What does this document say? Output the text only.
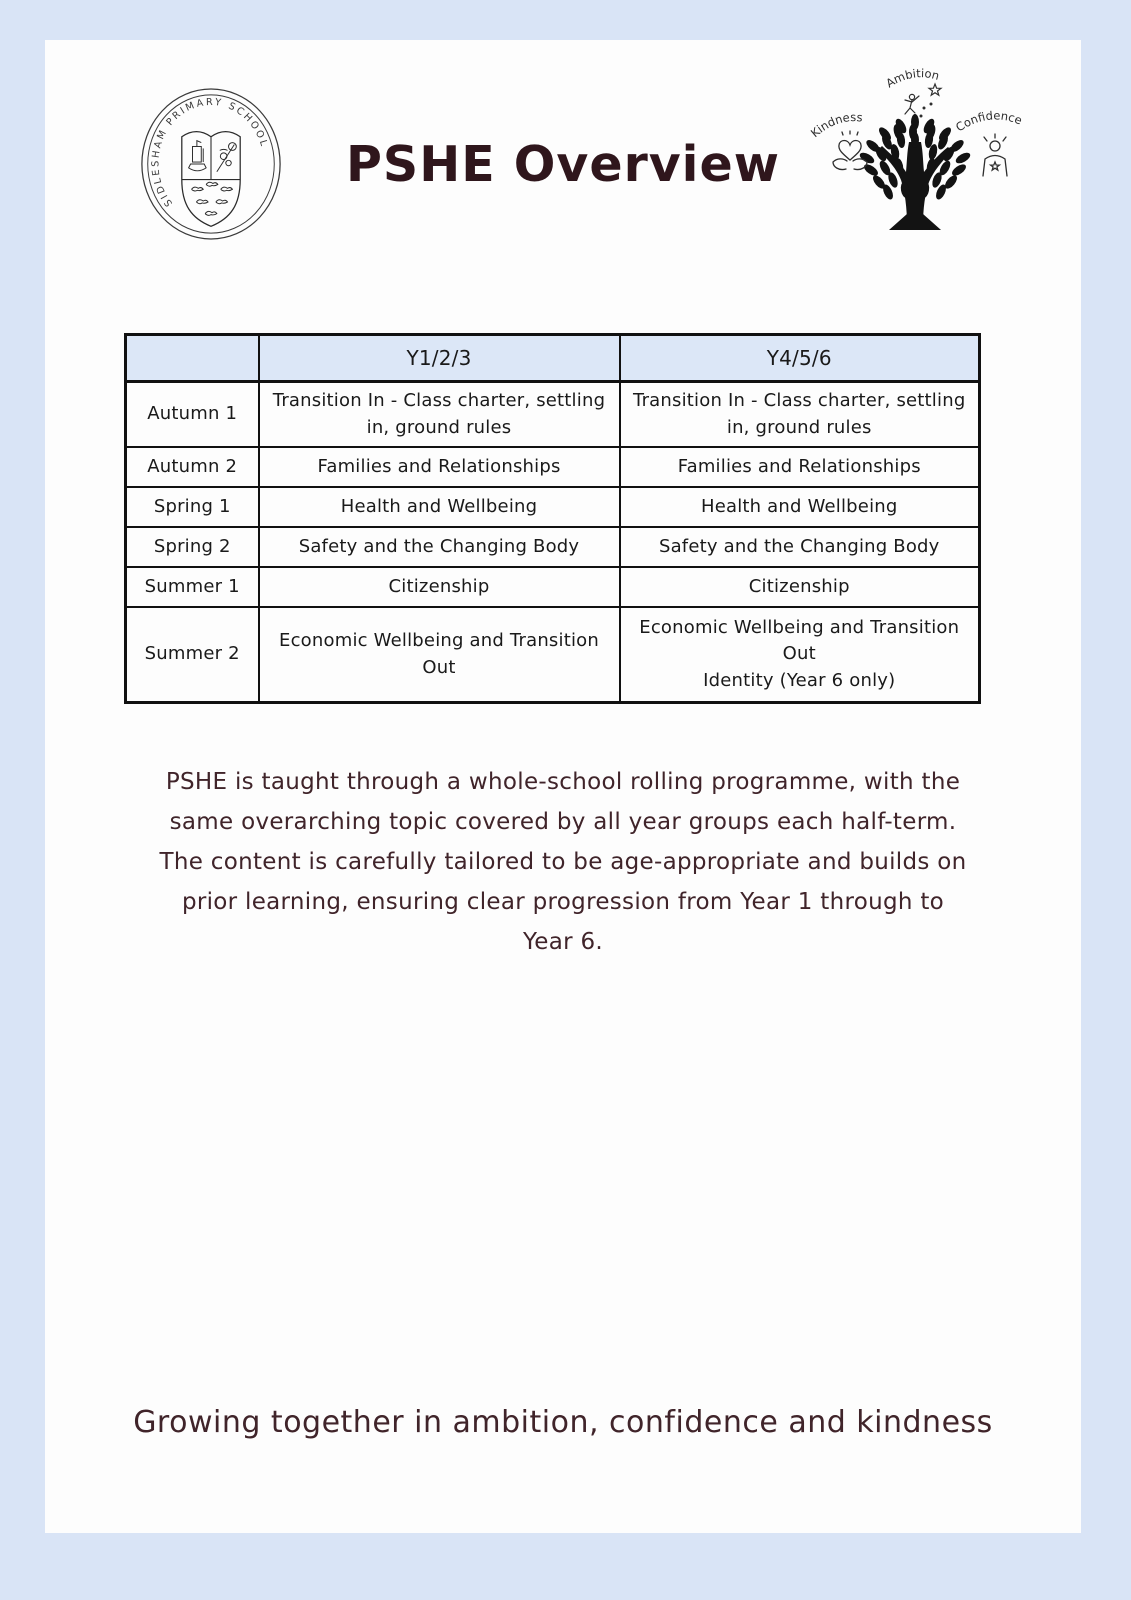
SIDLESHAM PRIMARY SCHOOL	PSHE Overview
Kindness
Ambition
Confidence
	Y1/2/3	Y4/5/6
Autumn 1	Transition In - Class charter, settling in, ground rules	Transition In - Class charter, settling in, ground rules
Autumn 2	Families and Relationships	Families and Relationships
Spring 1	Health and Wellbeing	Health and Wellbeing
Spring 2	Safety and the Changing Body	Safety and the Changing Body
Summer 1	Citizenship	Citizenship
Summer 2	Economic Wellbeing and Transition Out	Economic Wellbeing and Transition Out
Identity (Year 6 only)
PSHE is taught through a whole-school rolling programme, with the
same overarching topic covered by all year groups each half-term.
The content is carefully tailored to be age-appropriate and builds on
prior learning, ensuring clear progression from Year 1 through to
Year 6.
Growing together in ambition, confidence and kindness
